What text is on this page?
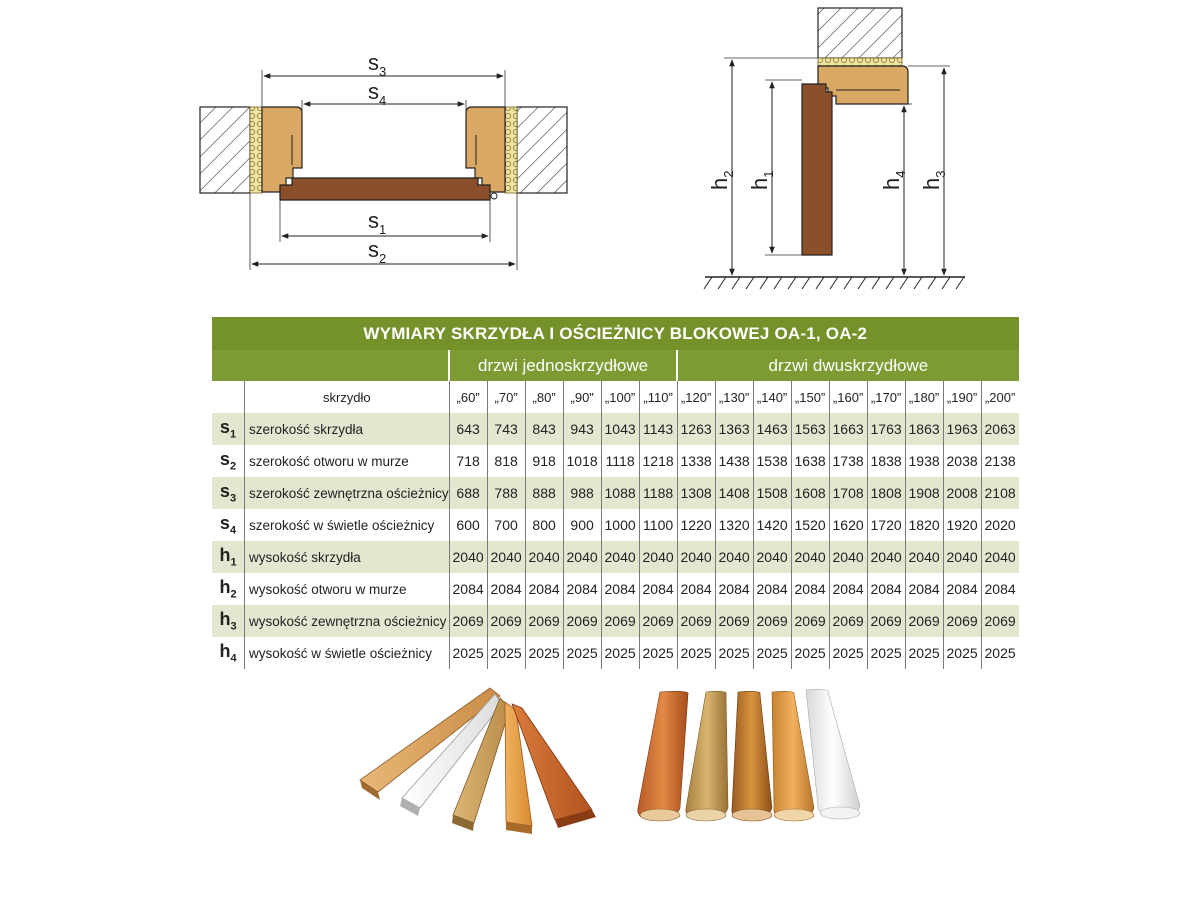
$s_3$
$s_4$
$s_1$
$s_2$
$h_2$
$h_1$
$h_4$
$h_3$
WYMIARY SKRZYDŁA I OŚCIEŻNICY BLOKOWEJ OA-1, OA-2																
		drzwi jednoskrzydłowe						drzwi dwuskrzydłowe								
	skrzydło	„60”	„70”	„80”	„90”	„100”	„110”	„120”	„130”	„140”	„150”	„160”	„170”	„180”	„190”	„200”
$s_1$	szerokość skrzydła	643	743	843	943	1043	1143	1263	1363	1463	1563	1663	1763	1863	1963	2063
$s_2$	szerokość otworu w murze	718	818	918	1018	1118	1218	1338	1438	1538	1638	1738	1838	1938	2038	2138
$s_3$	szerokość zewnętrzna ościeżnicy	688	788	888	988	1088	1188	1308	1408	1508	1608	1708	1808	1908	2008	2108
$s_4$	szerokość w świetle ościeżnicy	600	700	800	900	1000	1100	1220	1320	1420	1520	1620	1720	1820	1920	2020
$h_1$	wysokość skrzydła	2040	2040	2040	2040	2040	2040	2040	2040	2040	2040	2040	2040	2040	2040	2040
$h_2$	wysokość otworu w murze	2084	2084	2084	2084	2084	2084	2084	2084	2084	2084	2084	2084	2084	2084	2084
$h_3$	wysokość zewnętrzna ościeżnicy	2069	2069	2069	2069	2069	2069	2069	2069	2069	2069	2069	2069	2069	2069	2069
$h_4$	wysokość w świetle ościeżnicy	2025	2025	2025	2025	2025	2025	2025	2025	2025	2025	2025	2025	2025	2025	2025
